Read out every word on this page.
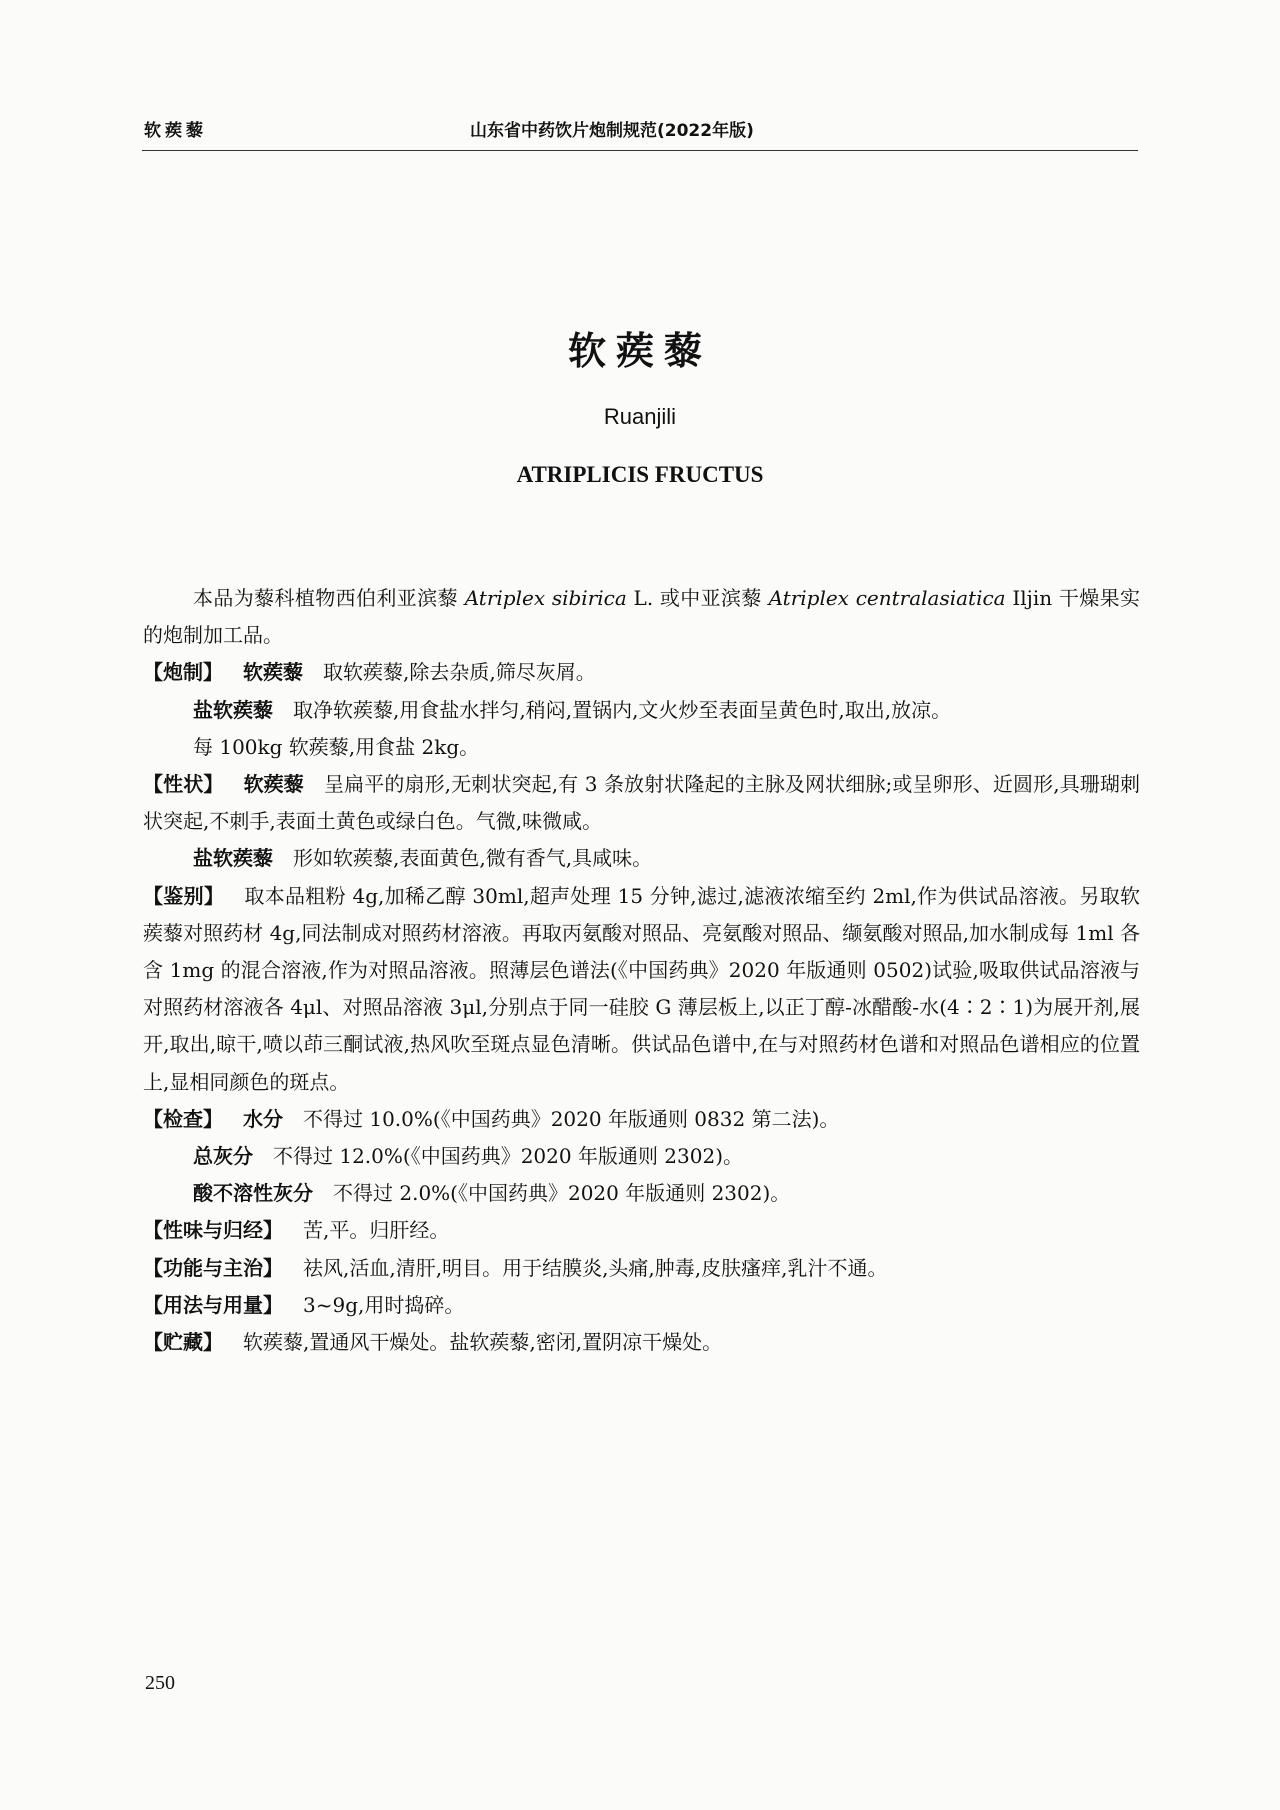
软蒺藜	山东省中药饮片炮制规范(2022年版)
软蒺藜
Ruanjili
ATRIPLICIS FRUCTUS

本品为藜科植物西伯利亚滨藜 Atriplex sibirica L. 或中亚滨藜 Atriplex centralasiatica Iljin 干燥果实的炮制加工品。

【炮制】 软蒺藜 取软蒺藜,除去杂质,筛尽灰屑。

盐软蒺藜 取净软蒺藜,用食盐水拌匀,稍闷,置锅内,文火炒至表面呈黄色时,取出,放凉。

每 100kg 软蒺藜,用食盐 2kg。

【性状】 软蒺藜 呈扁平的扇形,无刺状突起,有 3 条放射状隆起的主脉及网状细脉;或呈卵形、近圆形,具珊瑚刺状突起,不刺手,表面土黄色或绿白色。气微,味微咸。

盐软蒺藜 形如软蒺藜,表面黄色,微有香气,具咸味。

【鉴别】 取本品粗粉 4g,加稀乙醇 30ml,超声处理 15 分钟,滤过,滤液浓缩至约 2ml,作为供试品溶液。另取软蒺藜对照药材 4g,同法制成对照药材溶液。再取丙氨酸对照品、亮氨酸对照品、缬氨酸对照品,加水制成每 1ml 各含 1mg 的混合溶液,作为对照品溶液。照薄层色谱法(《中国药典》2020 年版通则 0502)试验,吸取供试品溶液与对照药材溶液各 4μl、对照品溶液 3μl,分别点于同一硅胶 G 薄层板上,以正丁醇-冰醋酸-水(4∶2∶1)为展开剂,展开,取出,晾干,喷以茚三酮试液,热风吹至斑点显色清晰。供试品色谱中,在与对照药材色谱和对照品色谱相应的位置上,显相同颜色的斑点。

【检查】 水分 不得过 10.0%(《中国药典》2020 年版通则 0832 第二法)。

总灰分 不得过 12.0%(《中国药典》2020 年版通则 2302)。

酸不溶性灰分 不得过 2.0%(《中国药典》2020 年版通则 2302)。

【性味与归经】 苦,平。归肝经。

【功能与主治】 祛风,活血,清肝,明目。用于结膜炎,头痛,肿毒,皮肤瘙痒,乳汁不通。

【用法与用量】 3~9g,用时捣碎。

【贮藏】 软蒺藜,置通风干燥处。盐软蒺藜,密闭,置阴凉干燥处。

250
